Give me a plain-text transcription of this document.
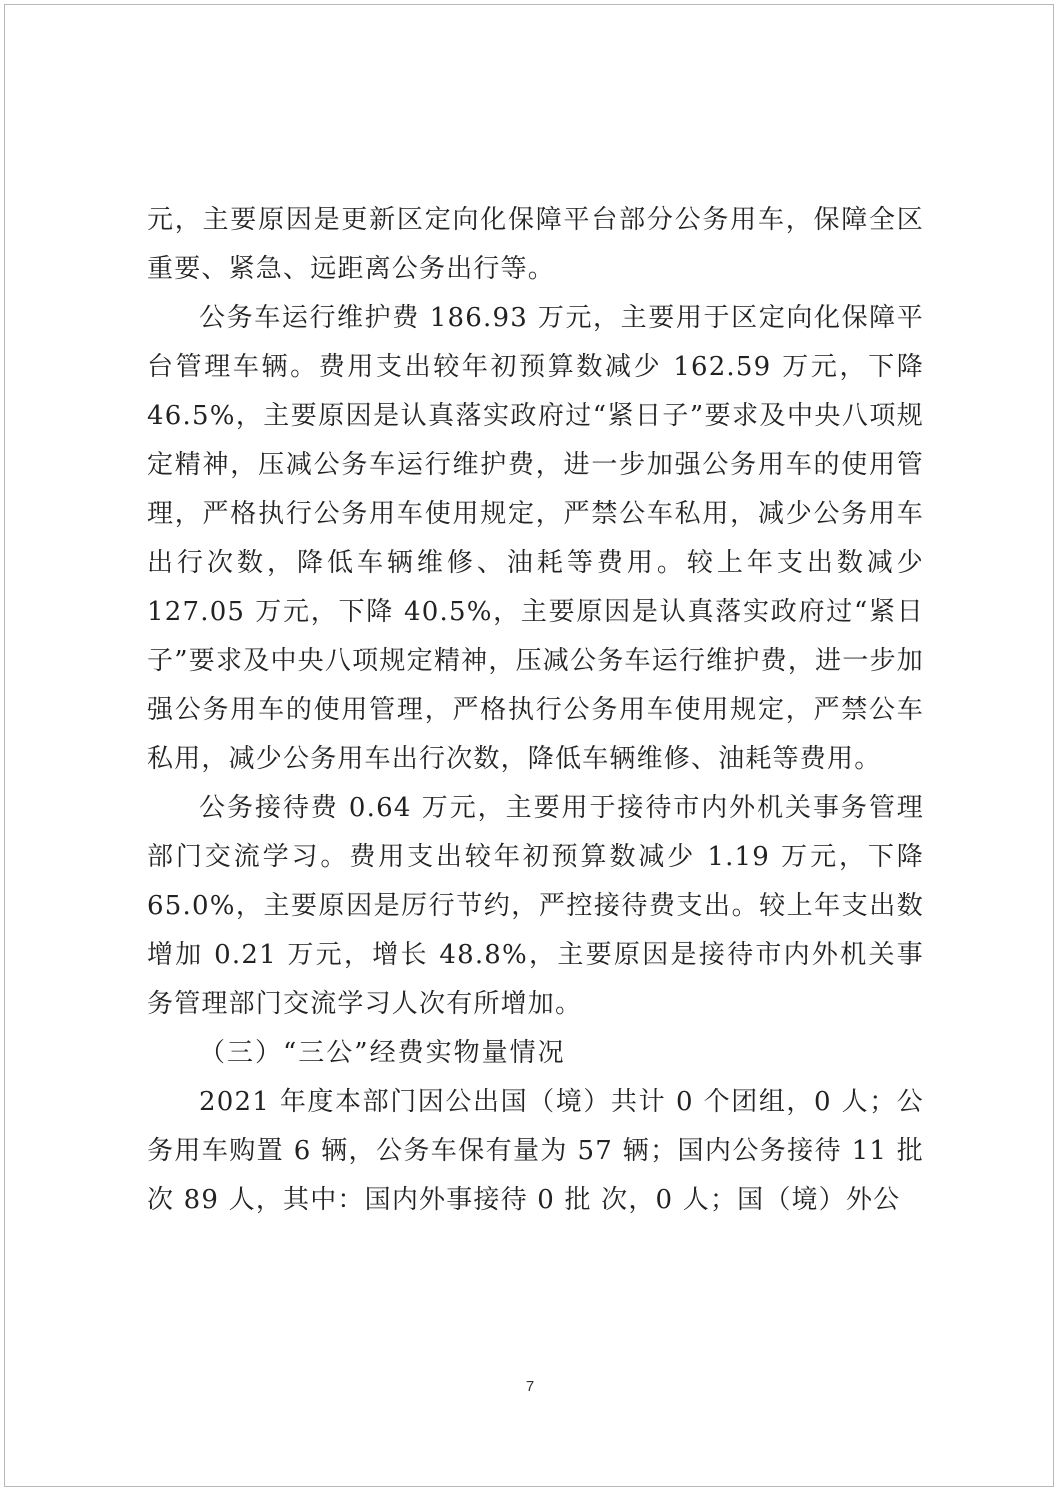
元，主要原因是更新区定向化保障平台部分公务用车，保障全区重要、紧急、远距离公务出行等。

公务车运行维护费 186.93 万元，主要用于区定向化保障平台管理车辆。费用支出较年初预算数减少 162.59 万元，下降 46.5%，主要原因是认真落实政府过“紧日子”要求及中央八项规定精神，压减公务车运行维护费，进一步加强公务用车的使用管理，严格执行公务用车使用规定，严禁公车私用，减少公务用车出行次数，降低车辆维修、油耗等费用。较上年支出数减少 127.05 万元，下降 40.5%，主要原因是认真落实政府过“紧日子”要求及中央八项规定精神，压减公务车运行维护费，进一步加强公务用车的使用管理，严格执行公务用车使用规定，严禁公车私用，减少公务用车出行次数，降低车辆维修、油耗等费用。

公务接待费 0.64 万元，主要用于接待市内外机关事务管理部门交流学习。费用支出较年初预算数减少 1.19 万元，下降 65.0%，主要原因是厉行节约，严控接待费支出。较上年支出数增加 0.21 万元，增长 48.8%，主要原因是接待市内外机关事务管理部门交流学习人次有所增加。

（三）“三公”经费实物量情况

2021 年度本部门因公出国（境）共计 0 个团组，0 人；公务用车购置 6 辆，公务车保有量为 57 辆；国内公务接待 11 批次 89 人，其中：国内外事接待 0 批 次，0 人；国（境）外公

7
